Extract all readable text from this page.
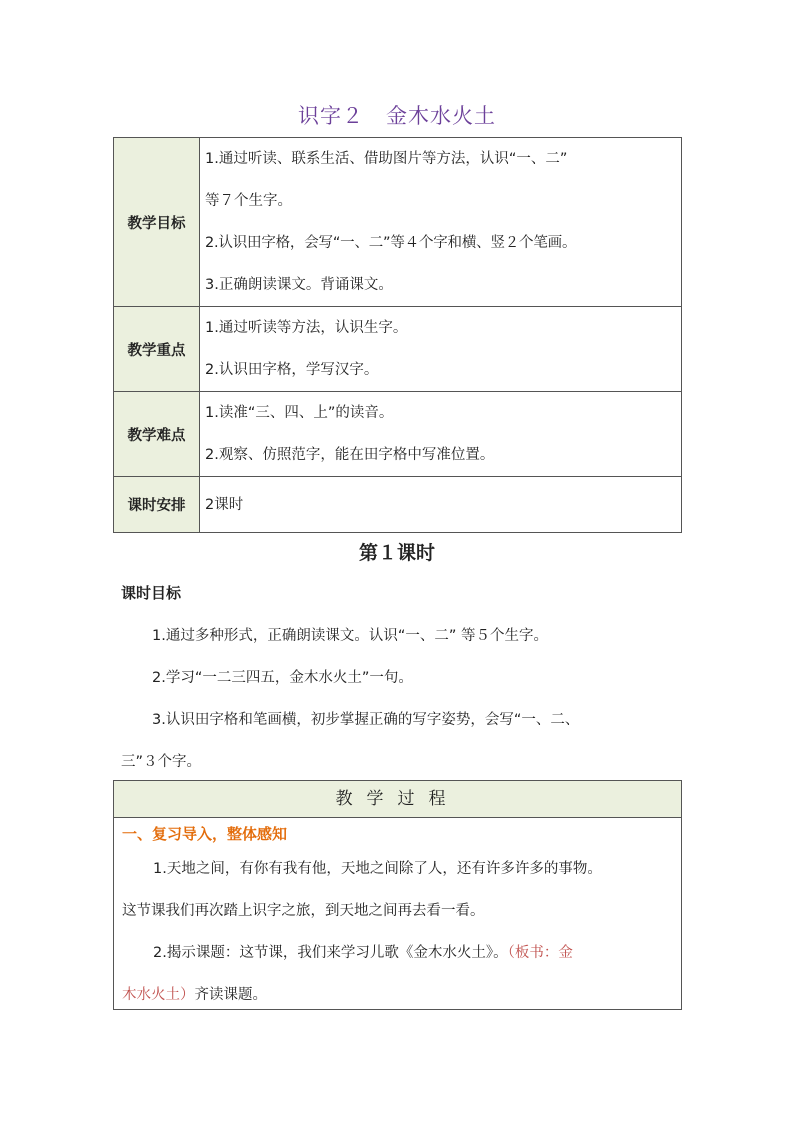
识字２ 金木水火土
教学目标	1.通过听读、联系生活、借助图片等方法，认识“一、二”
等７个生字。
2.认识田字格，会写“一、二”等４个字和横、竖２个笔画。
3.正确朗读课文。背诵课文。

教学重点	1.通过听读等方法，认识生字。
2.认识田字格，学写汉字。

教学难点	1.读准“三、四、上”的读音。
2.观察、仿照范字，能在田字格中写准位置。

课时安排	2课时
第１课时
课时目标
1.通过多种形式，正确朗读课文。认识“一、二” 等５个生字。
2.学习“一二三四五，金木水火土”一句。
3.认识田字格和笔画横，初步掌握正确的写字姿势，会写“一、二、
三”３个字。
教学过程
一、复习导入，整体感知
1.天地之间，有你有我有他，天地之间除了人，还有许多许多的事物。
这节课我们再次踏上识字之旅，到天地之间再去看一看。
2.揭示课题：这节课，我们来学习儿歌《金木水火土》。（板书：金
木水火土）齐读课题。
